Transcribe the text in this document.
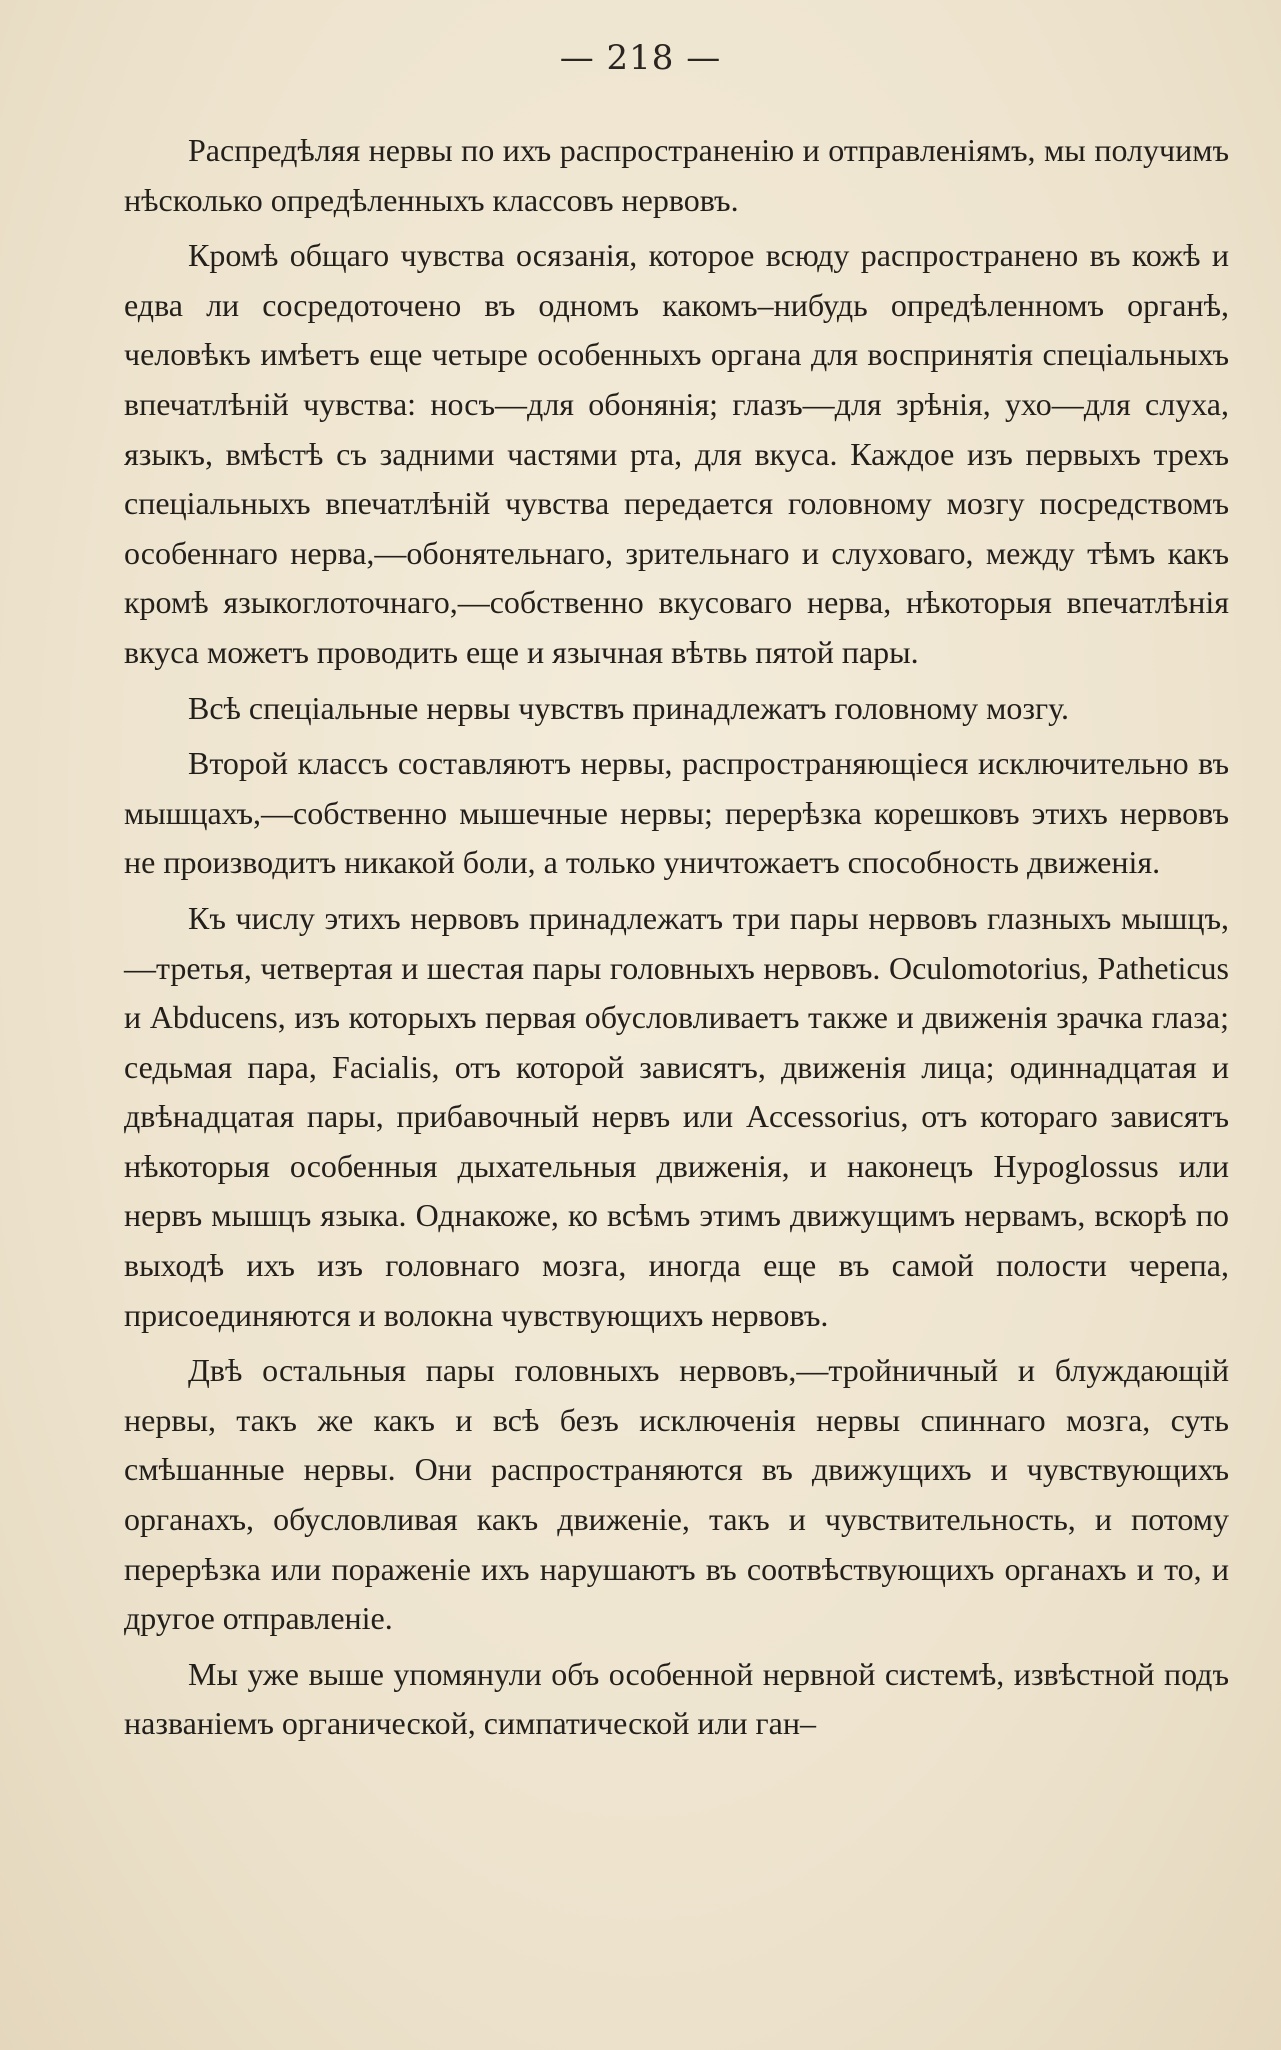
— 218 —

Распредѣляя нервы по ихъ распространенію и отправленіямъ, мы получимъ нѣсколько опредѣленныхъ классовъ нервовъ.

Кромѣ общаго чувства осязанія, которое всюду распространено въ кожѣ и едва ли сосредоточено въ одномъ какомъ–нибудь опредѣленномъ органѣ, человѣкъ имѣетъ еще четыре особенныхъ органа для воспринятія спеціальныхъ впечатлѣній чувства: носъ—для обонянія; глазъ—для зрѣнія, ухо—для слуха, языкъ, вмѣстѣ съ задними частями рта, для вкуса. Каждое изъ первыхъ трехъ спеціальныхъ впечатлѣній чувства передается головному мозгу посредствомъ особеннаго нерва,—обонятельнаго, зрительнаго и слуховаго, между тѣмъ какъ кромѣ языкоглоточнаго,—собственно вкусоваго нерва, нѣкоторыя впечатлѣнія вкуса можетъ проводить еще и язычная вѣтвь пятой пары.

Всѣ спеціальные нервы чувствъ принадлежатъ головному мозгу.

Второй классъ составляютъ нервы, распространяющіеся исключительно въ мышцахъ,—собственно мышечные нервы; перерѣзка корешковъ этихъ нервовъ не производитъ никакой боли, а только уничтожаетъ способность движенія.

Къ числу этихъ нервовъ принадлежатъ три пары нервовъ глазныхъ мышцъ,—третья, четвертая и шестая пары головныхъ нервовъ. Oculomotorius, Patheticus и Abducens, изъ которыхъ первая обусловливаетъ также и движенія зрачка глаза; седьмая пара, Facialis, отъ которой зависятъ, движенія лица; одиннадцатая и двѣнадцатая пары, прибавочный нервъ или Accessorius, отъ котораго зависятъ нѣкоторыя особенныя дыхательныя движенія, и наконецъ Hypoglossus или нервъ мышцъ языка. Однакоже, ко всѣмъ этимъ движущимъ нервамъ, вскорѣ по выходѣ ихъ изъ головнаго мозга, иногда еще въ самой полости черепа, присоединяются и волокна чувствующихъ нервовъ.

Двѣ остальныя пары головныхъ нервовъ,—тройничный и блуждающій нервы, такъ же какъ и всѣ безъ исключенія нервы спиннаго мозга, суть смѣшанные нервы. Они распространяются въ движущихъ и чувствующихъ органахъ, обусловливая какъ движеніе, такъ и чувствительность, и потому перерѣзка или пораженіе ихъ нарушаютъ въ соотвѣствующихъ органахъ и то, и другое отправленіе.

Мы уже выше упомянули объ особенной нервной системѣ, извѣстной подъ названіемъ органической, симпатической или ган–
